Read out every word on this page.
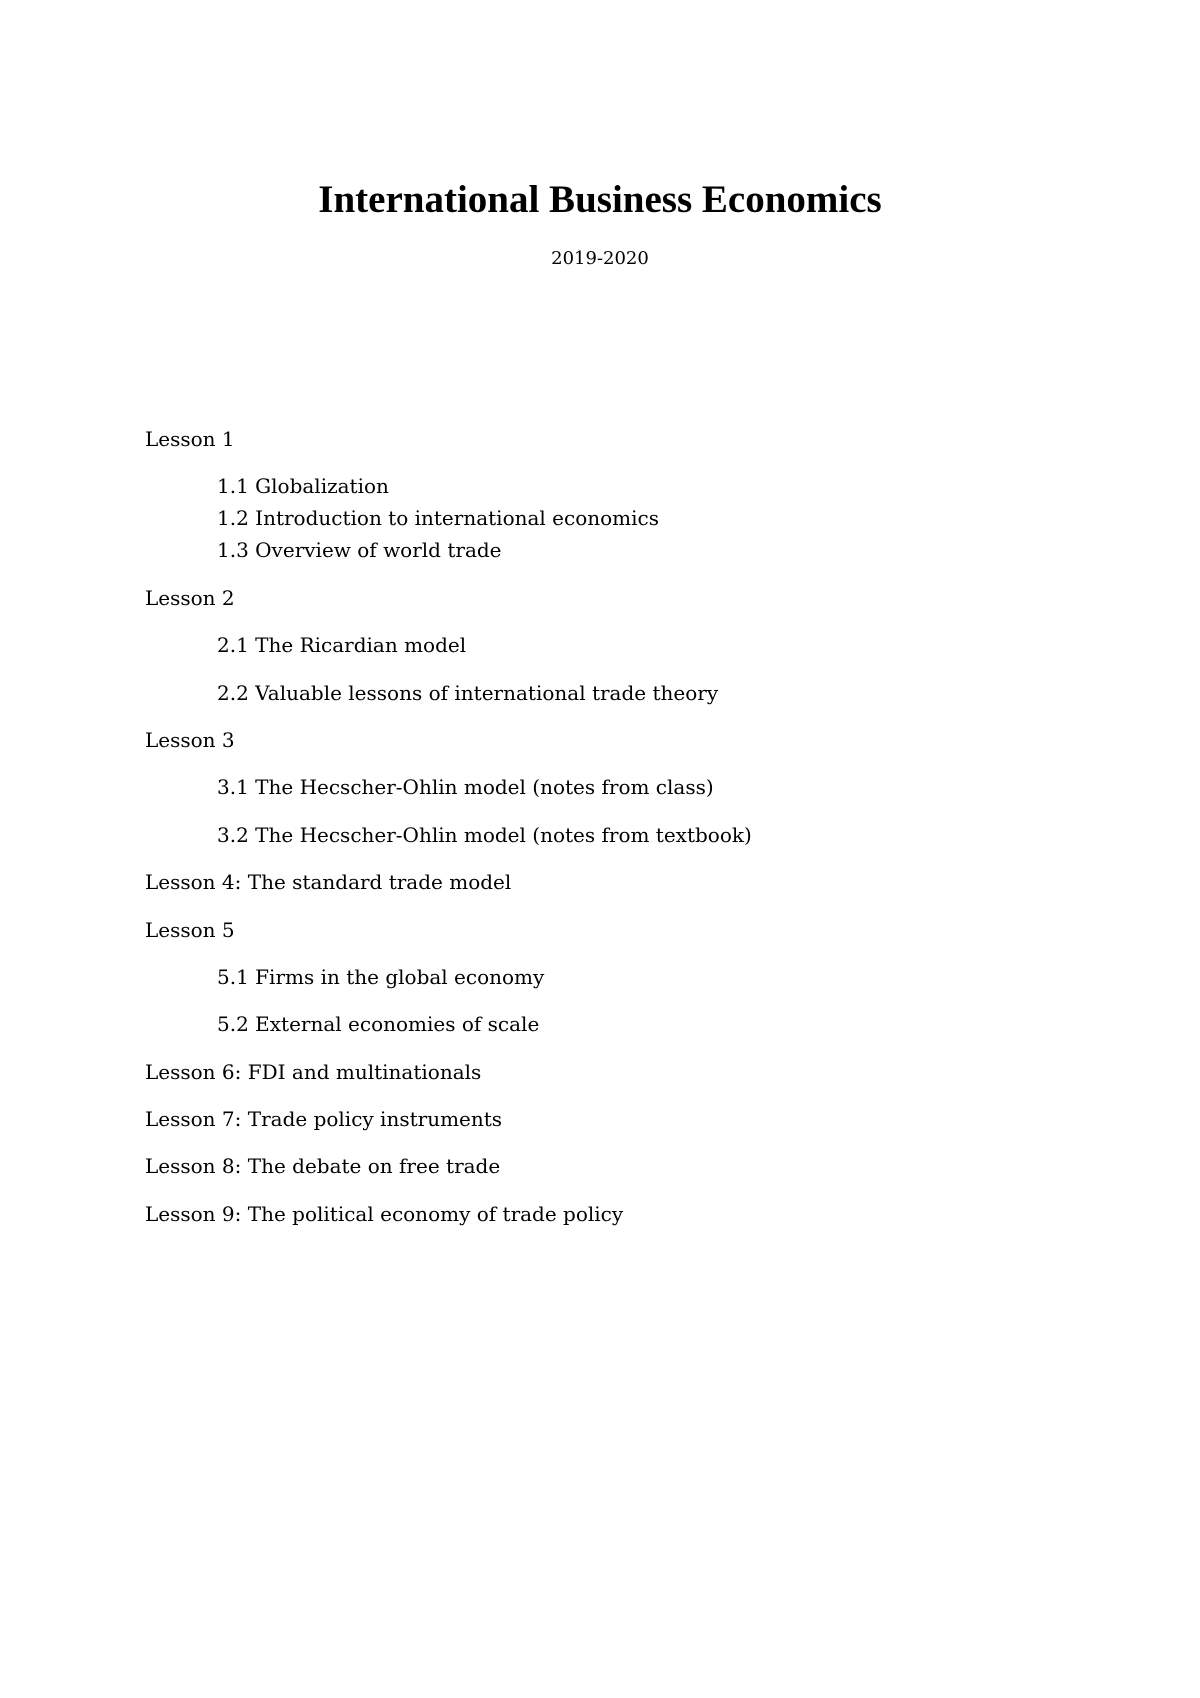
International Business Economics
2019-2020
Lesson 1
1.1 Globalization
1.2 Introduction to international economics
1.3 Overview of world trade
Lesson 2
2.1 The Ricardian model
2.2 Valuable lessons of international trade theory
Lesson 3
3.1 The Hecscher-Ohlin model (notes from class)
3.2 The Hecscher-Ohlin model (notes from textbook)
Lesson 4: The standard trade model
Lesson 5
5.1 Firms in the global economy
5.2 External economies of scale
Lesson 6: FDI and multinationals
Lesson 7: Trade policy instruments
Lesson 8: The debate on free trade
Lesson 9: The political economy of trade policy
